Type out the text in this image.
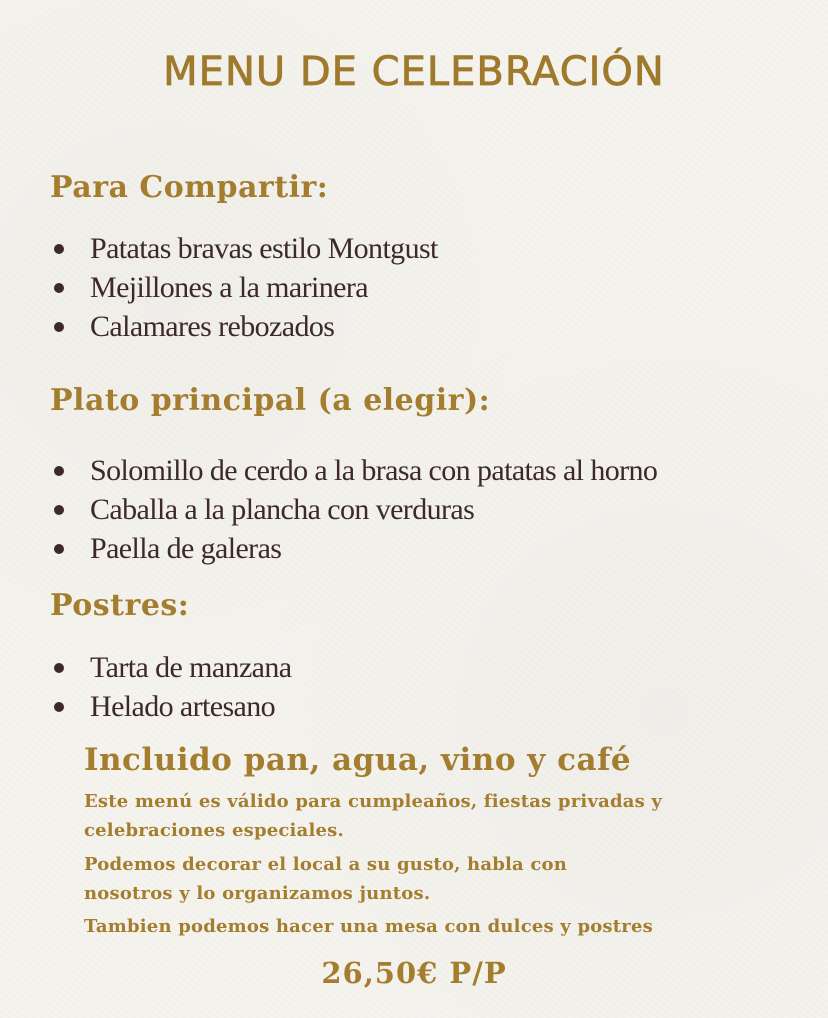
MENU DE CELEBRACIÓN
Para Compartir:
Patatas bravas estilo Montgust
Mejillones a la marinera
Calamares rebozados
Plato principal (a elegir):
Solomillo de cerdo a la brasa con patatas al horno
Caballa a la plancha con verduras
Paella de galeras
Postres:
Tarta de manzana
Helado artesano
Incluido pan, agua, vino y café
Este menú es válido para cumpleaños, fiestas privadas y
celebraciones especiales.
Podemos decorar el local a su gusto, habla con
nosotros y lo organizamos juntos.
Tambien podemos hacer una mesa con dulces y postres
26,50€ P/P
